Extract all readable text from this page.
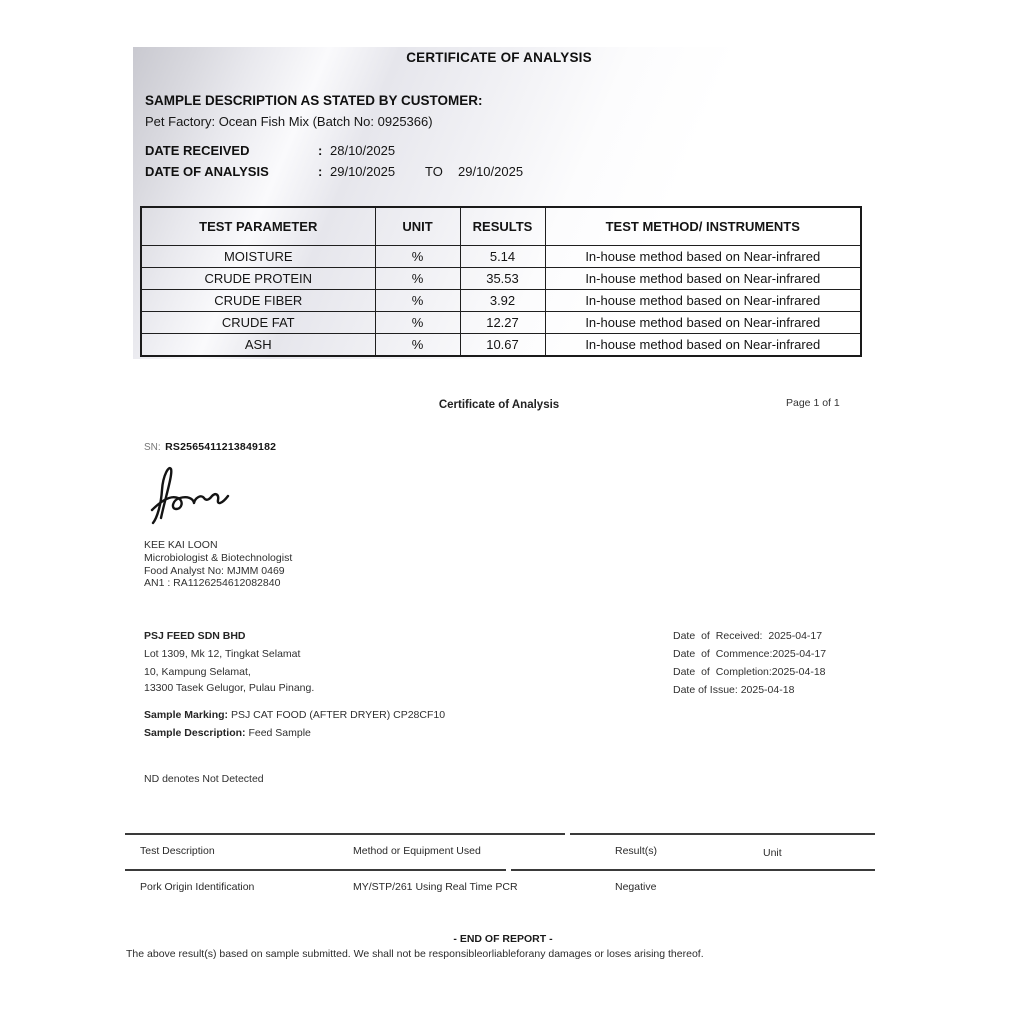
CERTIFICATE OF ANALYSIS
SAMPLE DESCRIPTION AS STATED BY CUSTOMER:
Pet Factory: Ocean Fish Mix (Batch No: 0925366)
DATE RECEIVED	: 28/10/2025
DATE OF ANALYSIS	: 29/10/2025 TO 29/10/2025
TEST PARAMETER	UNIT	RESULTS	TEST METHOD/ INSTRUMENTS
MOISTURE	%	5.14	In-house method based on Near-infrared
CRUDE PROTEIN	%	35.53	In-house method based on Near-infrared
CRUDE FIBER	%	3.92	In-house method based on Near-infrared
CRUDE FAT	%	12.27	In-house method based on Near-infrared
ASH	%	10.67	In-house method based on Near-infrared
Certificate of Analysis	Page 1 of 1
SN: RS2565411213849182
KEE KAI LOON
Microbiologist & Biotechnologist
Food Analyst No: MJMM 0469
AN1 : RA1126254612082840
PSJ FEED SDN BHD
Lot 1309, Mk 12, Tingkat Selamat
10, Kampung Selamat,
13300 Tasek Gelugor, Pulau Pinang.
Date of Received: 2025-04-17
Date of Commence:2025-04-17
Date of Completion:2025-04-18
Date of Issue: 2025-04-18
Sample Marking: PSJ CAT FOOD (AFTER DRYER) CP28CF10
Sample Description: Feed Sample
ND denotes Not Detected
Test Description	Method or Equipment Used	Result(s)	Unit
Pork Origin Identification	MY/STP/261 Using Real Time PCR	Negative
- END OF REPORT -
The above result(s) based on sample submitted. We shall not be responsibleorliableforany damages or loses arising thereof.
